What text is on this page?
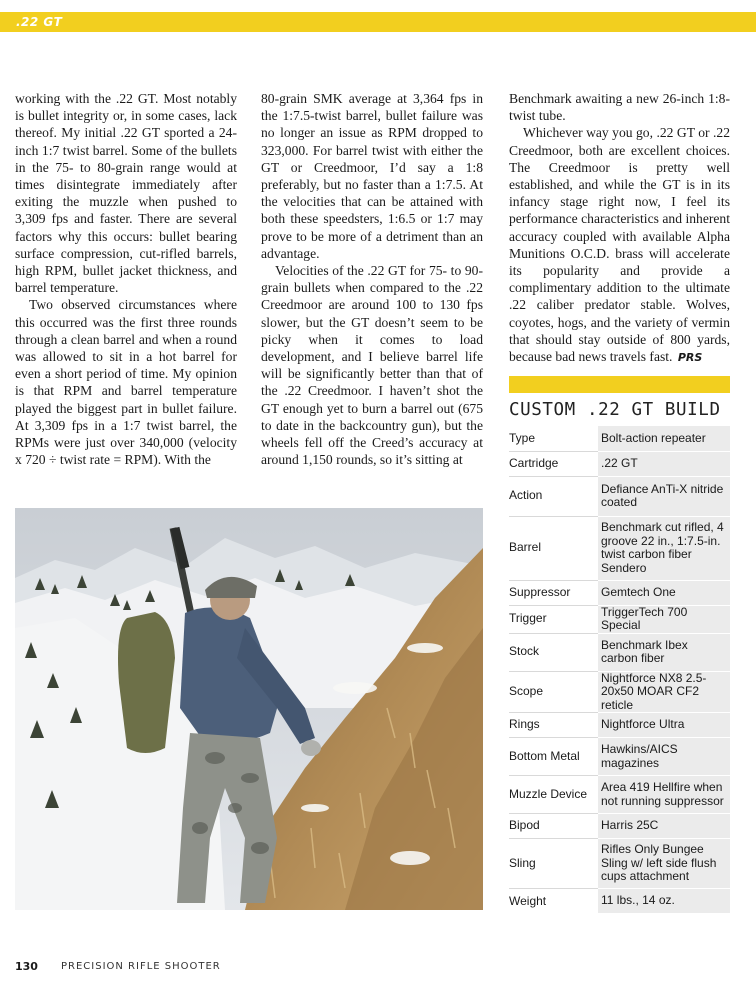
.22 GT

working with the .22 GT. Most notably is bullet integrity or, in some cases, lack thereof. My initial .22 GT sported a 24-inch 1:7 twist barrel. Some of the bullets in the 75- to 80-grain range would at times disintegrate immediately after exiting the muzzle when pushed to 3,309 fps and faster. There are several factors why this occurs: bullet bearing surface compression, cut-rifled barrels, high RPM, bullet jacket thickness, and barrel temperature.

Two observed circumstances where this occurred was the first three rounds through a clean barrel and when a round was allowed to sit in a hot barrel for even a short period of time. My opinion is that RPM and barrel temperature played the biggest part in bullet failure. At 3,309 fps in a 1:7 twist barrel, the RPMs were just over 340,000 (velocity x 720 ÷ twist rate = RPM). With the

80-grain SMK average at 3,364 fps in the 1:7.5-twist barrel, bullet failure was no longer an issue as RPM dropped to 323,000. For barrel twist with either the GT or Creedmoor, I’d say a 1:8 preferably, but no faster than a 1:7.5. At the velocities that can be attained with both these speedsters, 1:6.5 or 1:7 may prove to be more of a detriment than an advantage.

Velocities of the .22 GT for 75- to 90-grain bullets when compared to the .22 Creedmoor are around 100 to 130 fps slower, but the GT doesn’t seem to be picky when it comes to load development, and I believe barrel life will be significantly better than that of the .22 Creedmoor. I haven’t shot the GT enough yet to burn a barrel out (675 to date in the backcountry gun), but the wheels fell off the Creed’s accuracy at around 1,150 rounds, so it’s sitting at

Benchmark awaiting a new 26-inch 1:8-twist tube.

Whichever way you go, .22 GT or .22 Creedmoor, both are excellent choices. The Creedmoor is pretty well established, and while the GT is in its infancy stage right now, I feel its performance characteristics and inherent accuracy coupled with available Alpha Munitions O.C.D. brass will accelerate its popularity and provide a complimentary addition to the ultimate .22 caliber predator stable. Wolves, coyotes, hogs, and the variety of vermin that should stay outside of 800 yards, because bad news travels fast. PRS

CUSTOM .22 GT BUILD
Type	Bolt-action repeater
Cartridge	.22 GT
Action	Defiance AnTi-X nitride coated
Barrel	Benchmark cut rifled, 4 groove 22 in., 1:7.5-in. twist carbon fiber Sendero
Suppressor	Gemtech One
Trigger	TriggerTech 700 Special
Stock	Benchmark Ibex carbon fiber
Scope	Nightforce NX8 2.5-20x50 MOAR CF2 reticle
Rings	Nightforce Ultra
Bottom Metal	Hawkins/AICS magazines
Muzzle Device	Area 419 Hellfire when not running suppressor
Bipod	Harris 25C
Sling	Rifles Only Bungee Sling w/ left side flush cups attachment
Weight	11 lbs., 14 oz.
130 PRECISION RIFLE SHOOTER
